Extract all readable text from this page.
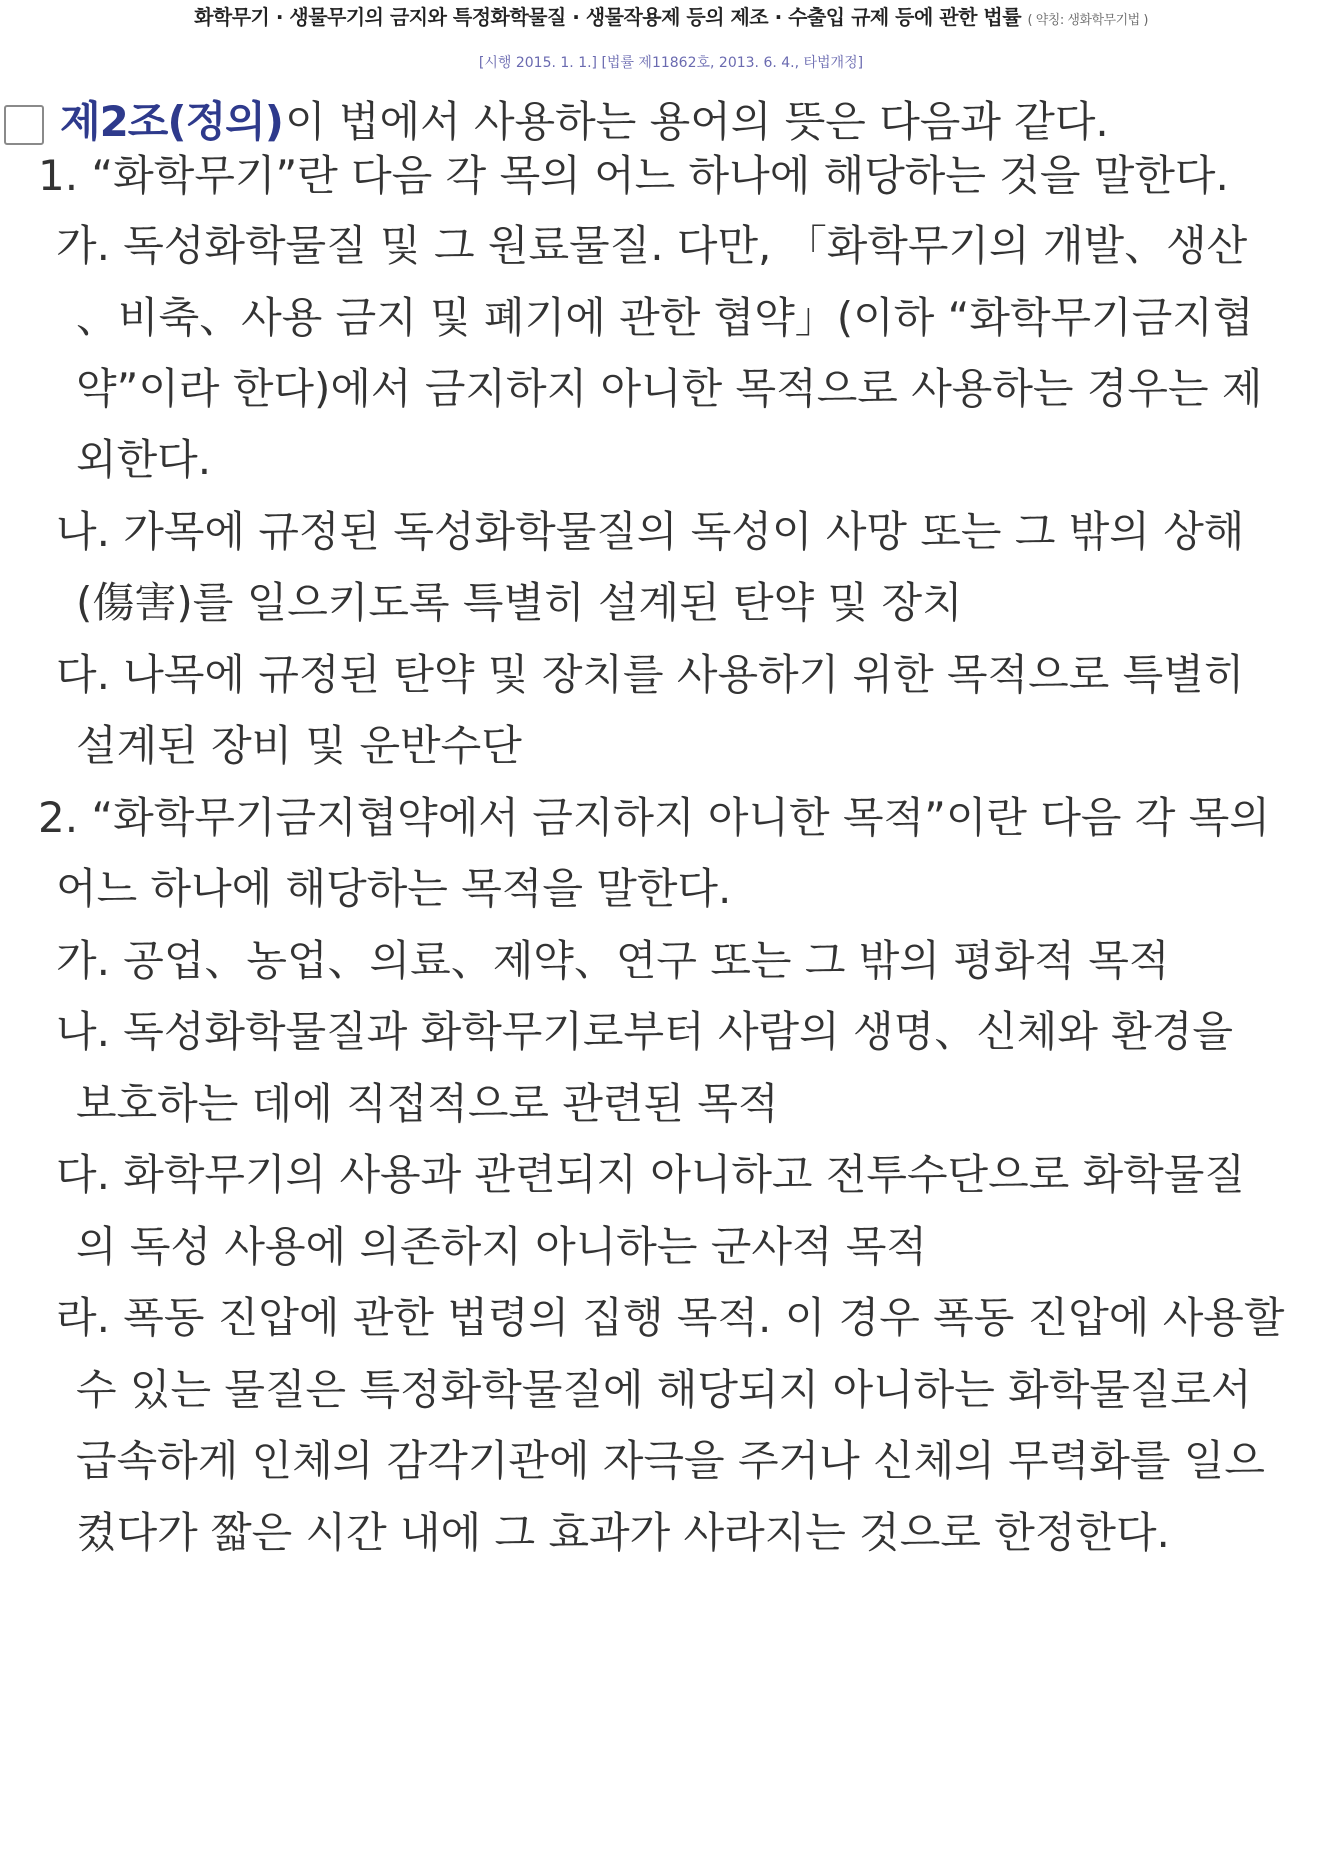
화학무기 · 생물무기의 금지와 특정화학물질 · 생물작용제 등의 제조 · 수출입 규제 등에 관한 법률 ( 약칭: 생화학무기법 )
[시행 2015. 1. 1.] [법률 제11862호, 2013. 6. 4., 타법개정]
제2조(정의) 이 법에서 사용하는 용어의 뜻은 다음과 같다.
1. “화학무기”란 다음 각 목의 어느 하나에 해당하는 것을 말한다.
가. 독성화학물질 및 그 원료물질. 다만, 「화학무기의 개발、생산
、비축、사용 금지 및 폐기에 관한 협약」(이하 “화학무기금지협
약”이라 한다)에서 금지하지 아니한 목적으로 사용하는 경우는 제
외한다.
나. 가목에 규정된 독성화학물질의 독성이 사망 또는 그 밖의 상해
(傷害)를 일으키도록 특별히 설계된 탄약 및 장치
다. 나목에 규정된 탄약 및 장치를 사용하기 위한 목적으로 특별히
설계된 장비 및 운반수단
2. “화학무기금지협약에서 금지하지 아니한 목적”이란 다음 각 목의
어느 하나에 해당하는 목적을 말한다.
가. 공업、농업、의료、제약、연구 또는 그 밖의 평화적 목적
나. 독성화학물질과 화학무기로부터 사람의 생명、신체와 환경을
보호하는 데에 직접적으로 관련된 목적
다. 화학무기의 사용과 관련되지 아니하고 전투수단으로 화학물질
의 독성 사용에 의존하지 아니하는 군사적 목적
라. 폭동 진압에 관한 법령의 집행 목적. 이 경우 폭동 진압에 사용할
수 있는 물질은 특정화학물질에 해당되지 아니하는 화학물질로서
급속하게 인체의 감각기관에 자극을 주거나 신체의 무력화를 일으
켰다가 짧은 시간 내에 그 효과가 사라지는 것으로 한정한다.
